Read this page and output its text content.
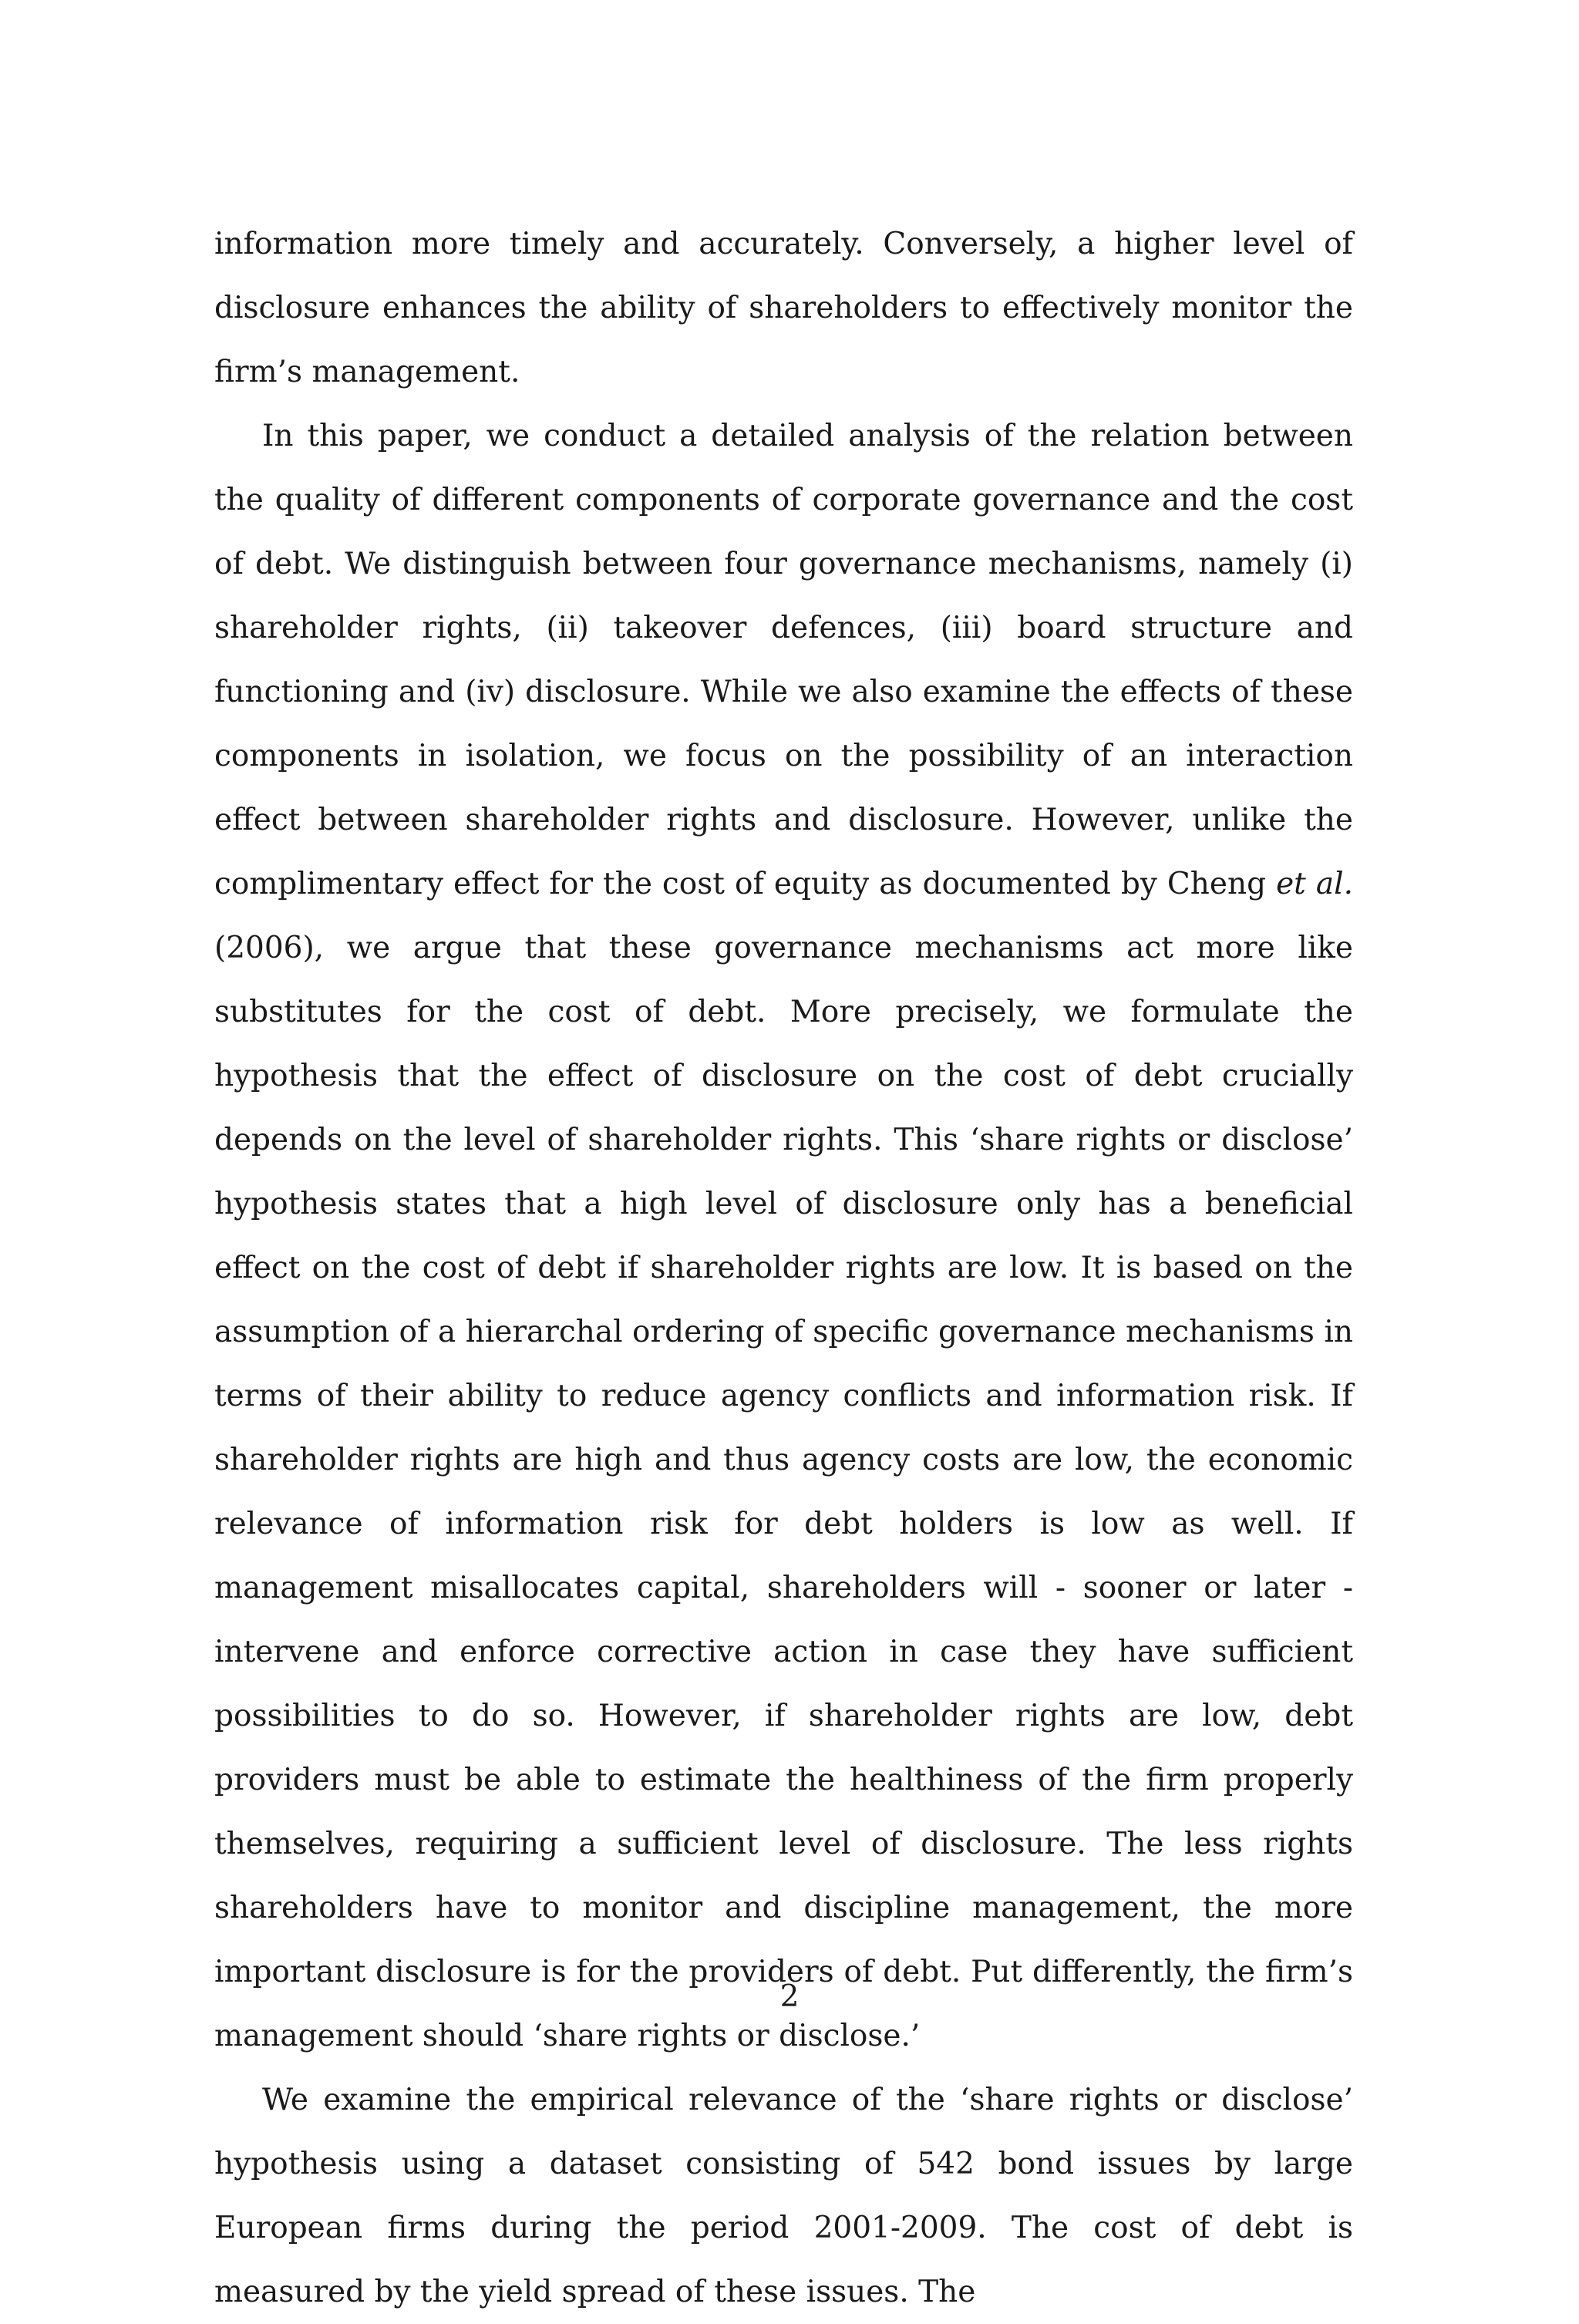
information more timely and accurately. Conversely, a higher level of disclosure enhances the ability of shareholders to effectively monitor the firm’s management.

In this paper, we conduct a detailed analysis of the relation between the quality of different components of corporate governance and the cost of debt. We distinguish between four governance mechanisms, namely (i) shareholder rights, (ii) takeover defences, (iii) board structure and functioning and (iv) disclosure. While we also examine the effects of these components in isolation, we focus on the possibility of an interaction effect between shareholder rights and disclosure. However, unlike the complimentary effect for the cost of equity as documented by Cheng et al. (2006), we argue that these governance mechanisms act more like substitutes for the cost of debt. More precisely, we formulate the hypothesis that the effect of disclosure on the cost of debt crucially depends on the level of shareholder rights. This ‘share rights or disclose’ hypothesis states that a high level of disclosure only has a beneficial effect on the cost of debt if shareholder rights are low. It is based on the assumption of a hierarchal ordering of specific governance mechanisms in terms of their ability to reduce agency conflicts and information risk. If shareholder rights are high and thus agency costs are low, the economic relevance of information risk for debt holders is low as well. If management misallocates capital, shareholders will - sooner or later - intervene and enforce corrective action in case they have sufficient possibilities to do so. However, if shareholder rights are low, debt providers must be able to estimate the healthiness of the firm properly themselves, requiring a sufficient level of disclosure. The less rights shareholders have to monitor and discipline management, the more important disclosure is for the providers of debt. Put differently, the firm’s management should ‘share rights or disclose.’

We examine the empirical relevance of the ‘share rights or disclose’ hypothesis using a dataset consisting of 542 bond issues by large European firms during the period 2001-2009. The cost of debt is measured by the yield spread of these issues. The

2
